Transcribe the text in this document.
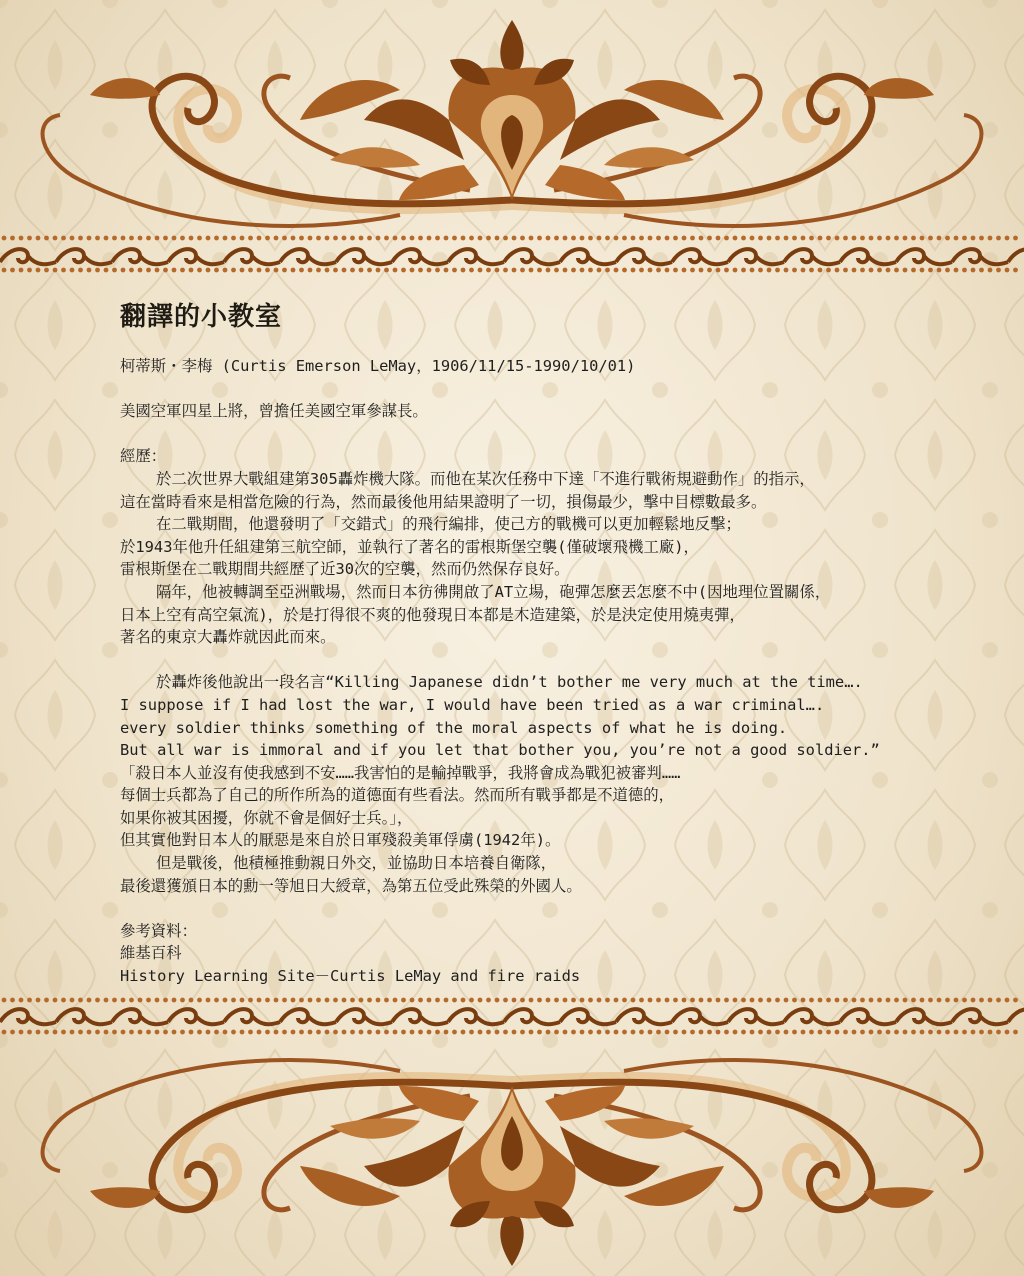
翻譯的小教室

柯蒂斯・李梅 (Curtis Emerson LeMay，1906/11/15-1990/10/01)

美國空軍四星上將，曾擔任美國空軍參謀長。

經歷：

於二次世界大戰組建第305轟炸機大隊。而他在某次任務中下達「不進行戰術規避動作」的指示，

這在當時看來是相當危險的行為，然而最後他用結果證明了一切，損傷最少，擊中目標數最多。

在二戰期間，他還發明了「交錯式」的飛行編排，使己方的戰機可以更加輕鬆地反擊；

於1943年他升任組建第三航空師，並執行了著名的雷根斯堡空襲(僅破壞飛機工廠)，

雷根斯堡在二戰期間共經歷了近30次的空襲，然而仍然保存良好。

隔年，他被轉調至亞洲戰場，然而日本彷彿開啟了AT立場，砲彈怎麼丟怎麼不中(因地理位置關係，

日本上空有高空氣流)，於是打得很不爽的他發現日本都是木造建築，於是決定使用燒夷彈，

著名的東京大轟炸就因此而來。

於轟炸後他說出一段名言“Killing Japanese didn’t bother me very much at the time….

I suppose if I had lost the war, I would have been tried as a war criminal….

every soldier thinks something of the moral aspects of what he is doing.

But all war is immoral and if you let that bother you, you’re not a good soldier.”

「殺日本人並沒有使我感到不安……我害怕的是輸掉戰爭，我將會成為戰犯被審判……

每個士兵都為了自己的所作所為的道德面有些看法。然而所有戰爭都是不道德的，

如果你被其困擾，你就不會是個好士兵。」，

但其實他對日本人的厭惡是來自於日軍殘殺美軍俘虜(1942年)。

但是戰後，他積極推動親日外交，並協助日本培養自衛隊，

最後還獲頒日本的勳一等旭日大綬章，為第五位受此殊榮的外國人。

參考資料：

維基百科

History Learning Site－Curtis LeMay and fire raids
